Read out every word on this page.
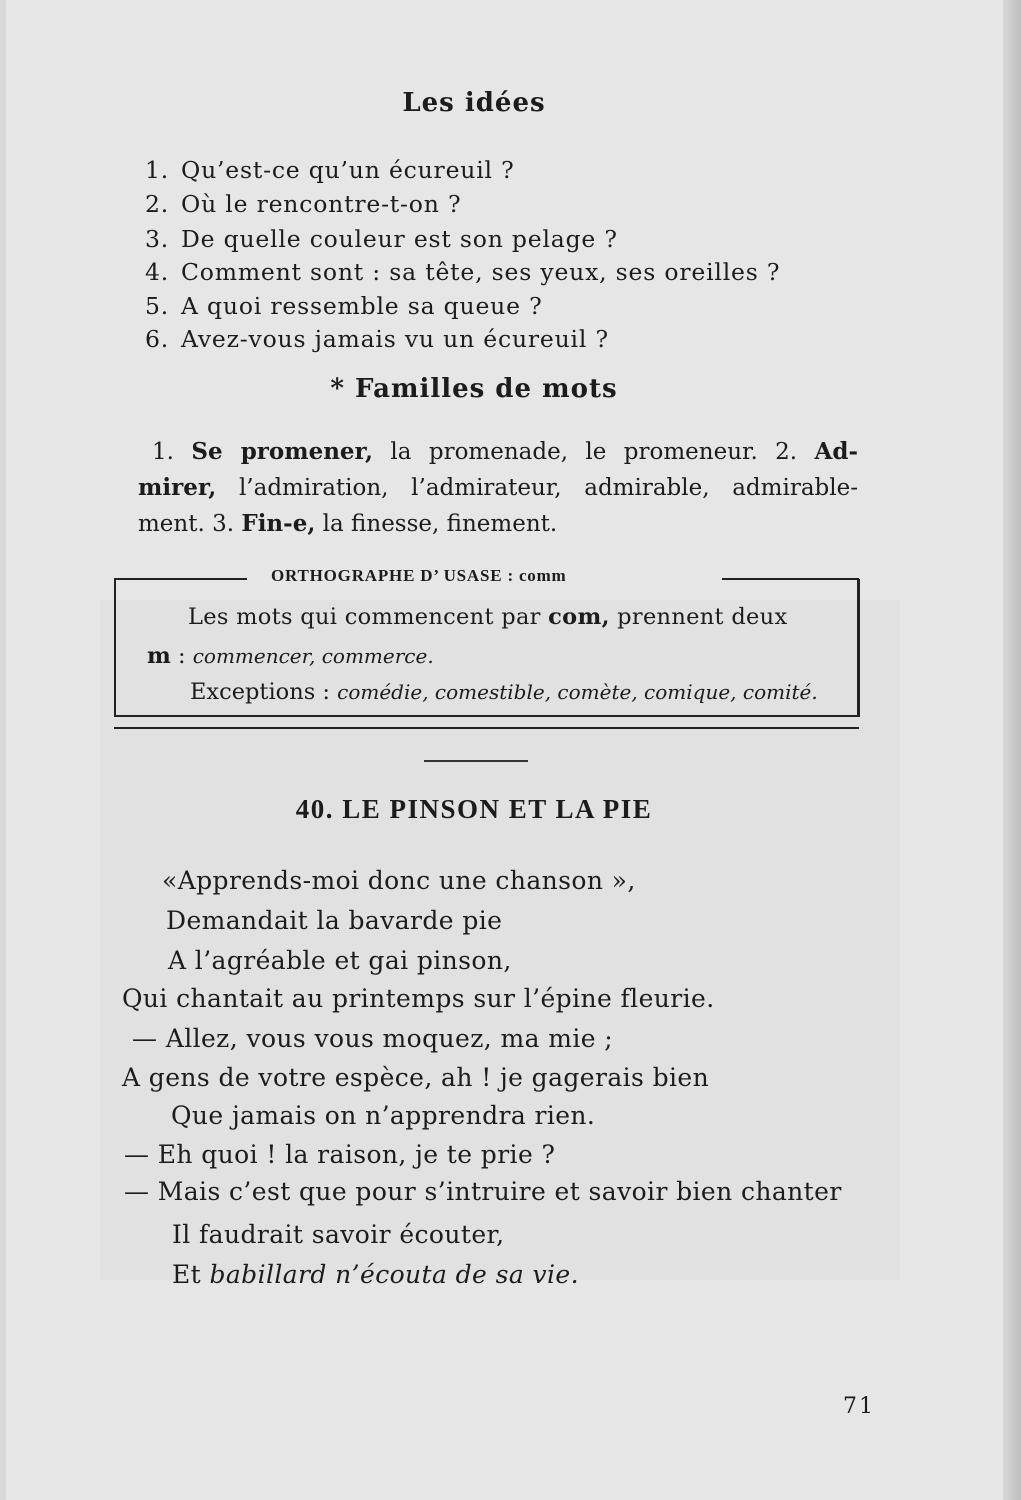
Les idées
1. Qu’est-ce qu’un écureuil ?
2. Où le rencontre-t-on ?
3. De quelle couleur est son pelage ?
4. Comment sont : sa tête, ses yeux, ses oreilles ?
5. A quoi ressemble sa queue ?
6. Avez-vous jamais vu un écureuil ?
* Familles de mots
1. Se promener, la promenade, le promeneur. 2. Ad-
mirer, l’admiration, l’admirateur, admirable, admirable-
ment. 3. Fin-e, la finesse, finement.
ORTHOGRAPHE D’ USASE : comm
Les mots qui commencent par com, prennent deux
m : commencer, commerce.
Exceptions : comédie, comestible, comète, comique, comité.
40. LE PINSON ET LA PIE
«Apprends-moi donc une chanson »,
Demandait la bavarde pie
A l’agréable et gai pinson,
Qui chantait au printemps sur l’épine fleurie.
— Allez, vous vous moquez, ma mie ;
A gens de votre espèce, ah ! je gagerais bien
Que jamais on n’apprendra rien.
— Eh quoi ! la raison, je te prie ?
— Mais c’est que pour s’intruire et savoir bien chanter
Il faudrait savoir écouter,
Et babillard n’écouta de sa vie.
71
